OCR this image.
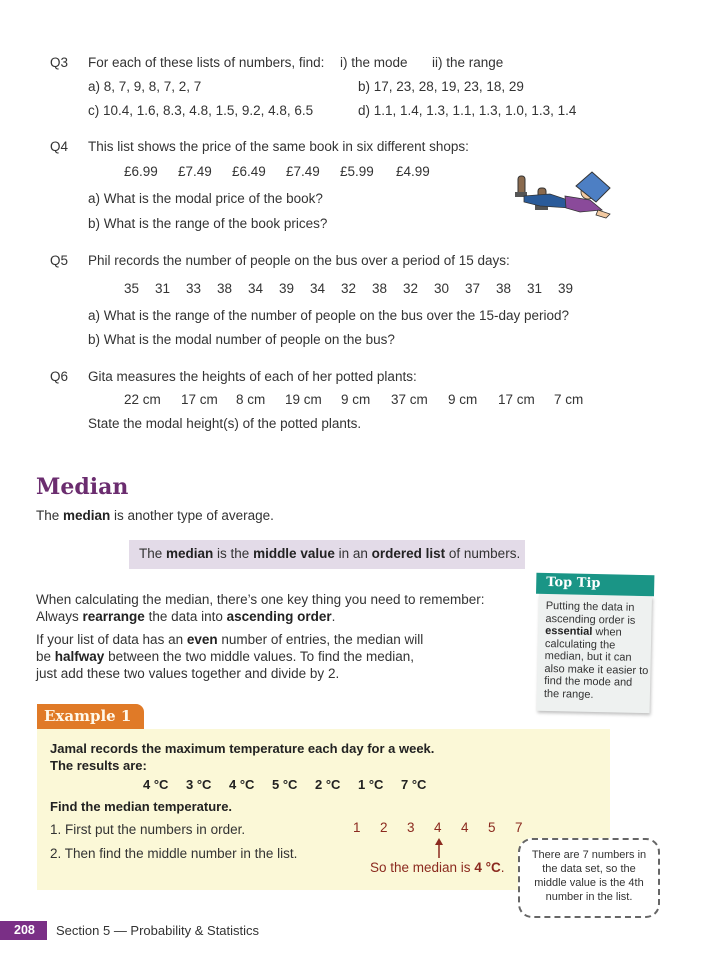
Q3 For each of these lists of numbers, find: i) the mode ii) the range
a) 8, 7, 9, 8, 7, 2, 7	b) 17, 23, 28, 19, 23, 18, 29
c) 10.4, 1.6, 8.3, 4.8, 1.5, 9.2, 4.8, 6.5	d) 1.1, 1.4, 1.3, 1.1, 1.3, 1.0, 1.3, 1.4
Q4 This list shows the price of the same book in six different shops:
£6.99	£7.49	£6.49	£7.49	£5.99	£4.99
a) What is the modal price of the book?
b) What is the range of the book prices?
Q5 Phil records the number of people on the bus over a period of 15 days:
35	31	33	38	34	39	34	32	38	32	30	37	38	31	39
a) What is the range of the number of people on the bus over the 15-day period?
b) What is the modal number of people on the bus?
Q6 Gita measures the heights of each of her potted plants:
22 cm	17 cm	8 cm	19 cm	9 cm	37 cm	9 cm	17 cm	7 cm
State the modal height(s) of the potted plants.
Median
The median is another type of average.
The median is the middle value in an ordered list of numbers.
When calculating the median, there’s one key thing you need to remember:
Always rearrange the data into ascending order.
If your list of data has an even number of entries, the median will
be halfway between the two middle values. To find the median,
just add these two values together and divide by 2.
Putting the data in ascending order is essential when calculating the median, but it can also make it easier to find the mode and the range.
Top Tip
Example 1
Jamal records the maximum temperature each day for a week.
The results are:
4 °C	3 °C	4 °C	5 °C	2 °C	1 °C	7 °C
Find the median temperature.
1. First put the numbers in order.
2. Then find the middle number in the list.
1	2	3	4	4	5	7
So the median is 4 °C.
There are 7 numbers in the data set, so the middle value is the 4th number in the list.
208 Section 5 — Probability & Statistics
